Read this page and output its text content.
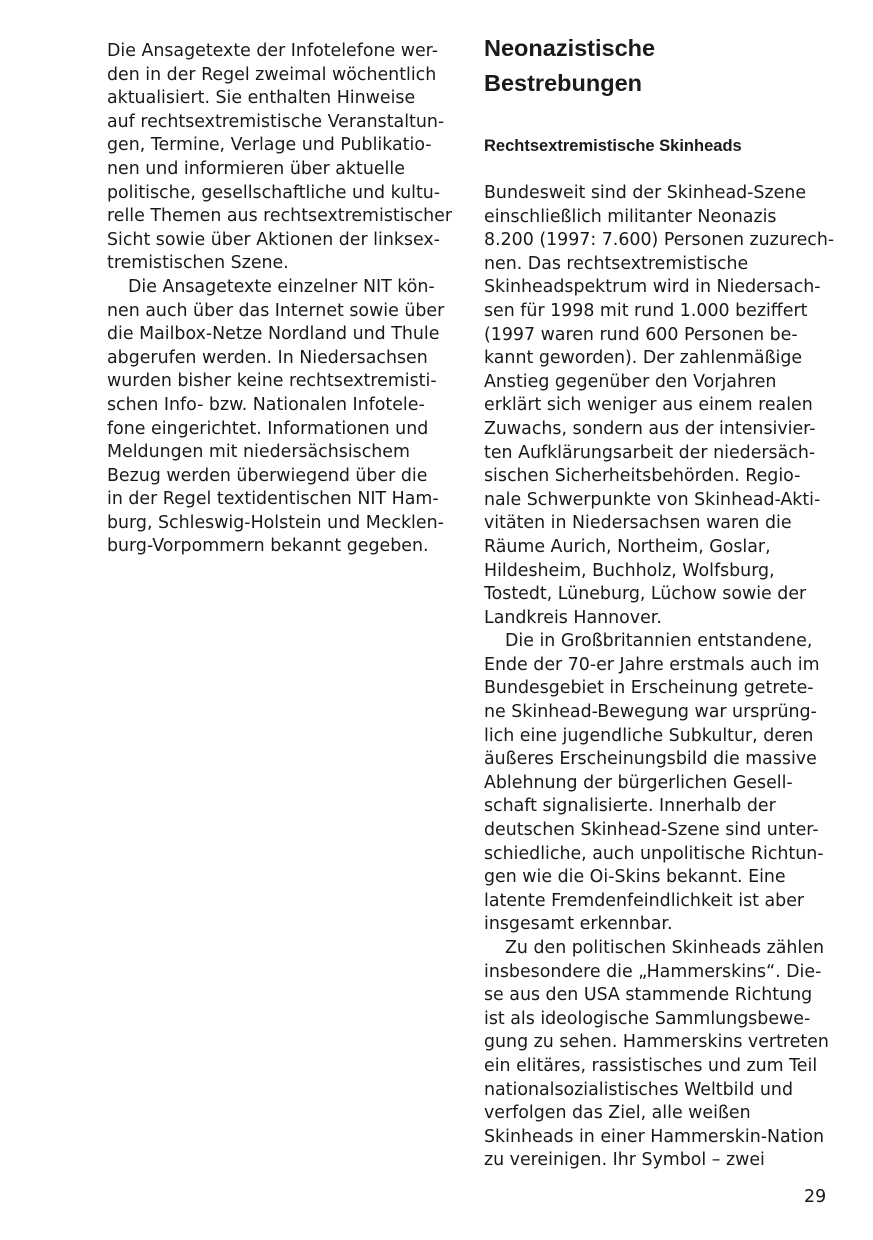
Die Ansagetexte der Infotelefone wer-
den in der Regel zweimal wöchentlich
aktualisiert. Sie enthalten Hinweise
auf rechtsextremistische Veranstaltun-
gen, Termine, Verlage und Publikatio-
nen und informieren über aktuelle
politische, gesellschaftliche und kultu-
relle Themen aus rechtsextremistischer
Sicht sowie über Aktionen der linksex-
tremistischen Szene.
Die Ansagetexte einzelner NIT kön-
nen auch über das Internet sowie über
die Mailbox-Netze Nordland und Thule
abgerufen werden. In Niedersachsen
wurden bisher keine rechtsextremisti-
schen Info- bzw. Nationalen Infotele-
fone eingerichtet. Informationen und
Meldungen mit niedersächsischem
Bezug werden überwiegend über die
in der Regel textidentischen NIT Ham-
burg, Schleswig-Holstein und Mecklen-
burg-Vorpommern bekannt gegeben.
Neonazistische
Bestrebungen
Rechtsextremistische Skinheads
Bundesweit sind der Skinhead-Szene
einschließlich militanter Neonazis
8.200 (1997: 7.600) Personen zuzurech-
nen. Das rechtsextremistische
Skinheadspektrum wird in Niedersach-
sen für 1998 mit rund 1.000 beziffert
(1997 waren rund 600 Personen be-
kannt geworden). Der zahlenmäßige
Anstieg gegenüber den Vorjahren
erklärt sich weniger aus einem realen
Zuwachs, sondern aus der intensivier-
ten Aufklärungsarbeit der niedersäch-
sischen Sicherheitsbehörden. Regio-
nale Schwerpunkte von Skinhead-Akti-
vitäten in Niedersachsen waren die
Räume Aurich, Northeim, Goslar,
Hildesheim, Buchholz, Wolfsburg,
Tostedt, Lüneburg, Lüchow sowie der
Landkreis Hannover.
Die in Großbritannien entstandene,
Ende der 70-er Jahre erstmals auch im
Bundesgebiet in Erscheinung getrete-
ne Skinhead-Bewegung war ursprüng-
lich eine jugendliche Subkultur, deren
äußeres Erscheinungsbild die massive
Ablehnung der bürgerlichen Gesell-
schaft signalisierte. Innerhalb der
deutschen Skinhead-Szene sind unter-
schiedliche, auch unpolitische Richtun-
gen wie die Oi-Skins bekannt. Eine
latente Fremdenfeindlichkeit ist aber
insgesamt erkennbar.
Zu den politischen Skinheads zählen
insbesondere die „Hammerskins“. Die-
se aus den USA stammende Richtung
ist als ideologische Sammlungsbewe-
gung zu sehen. Hammerskins vertreten
ein elitäres, rassistisches und zum Teil
nationalsozialistisches Weltbild und
verfolgen das Ziel, alle weißen
Skinheads in einer Hammerskin-Nation
zu vereinigen. Ihr Symbol – zwei
29
